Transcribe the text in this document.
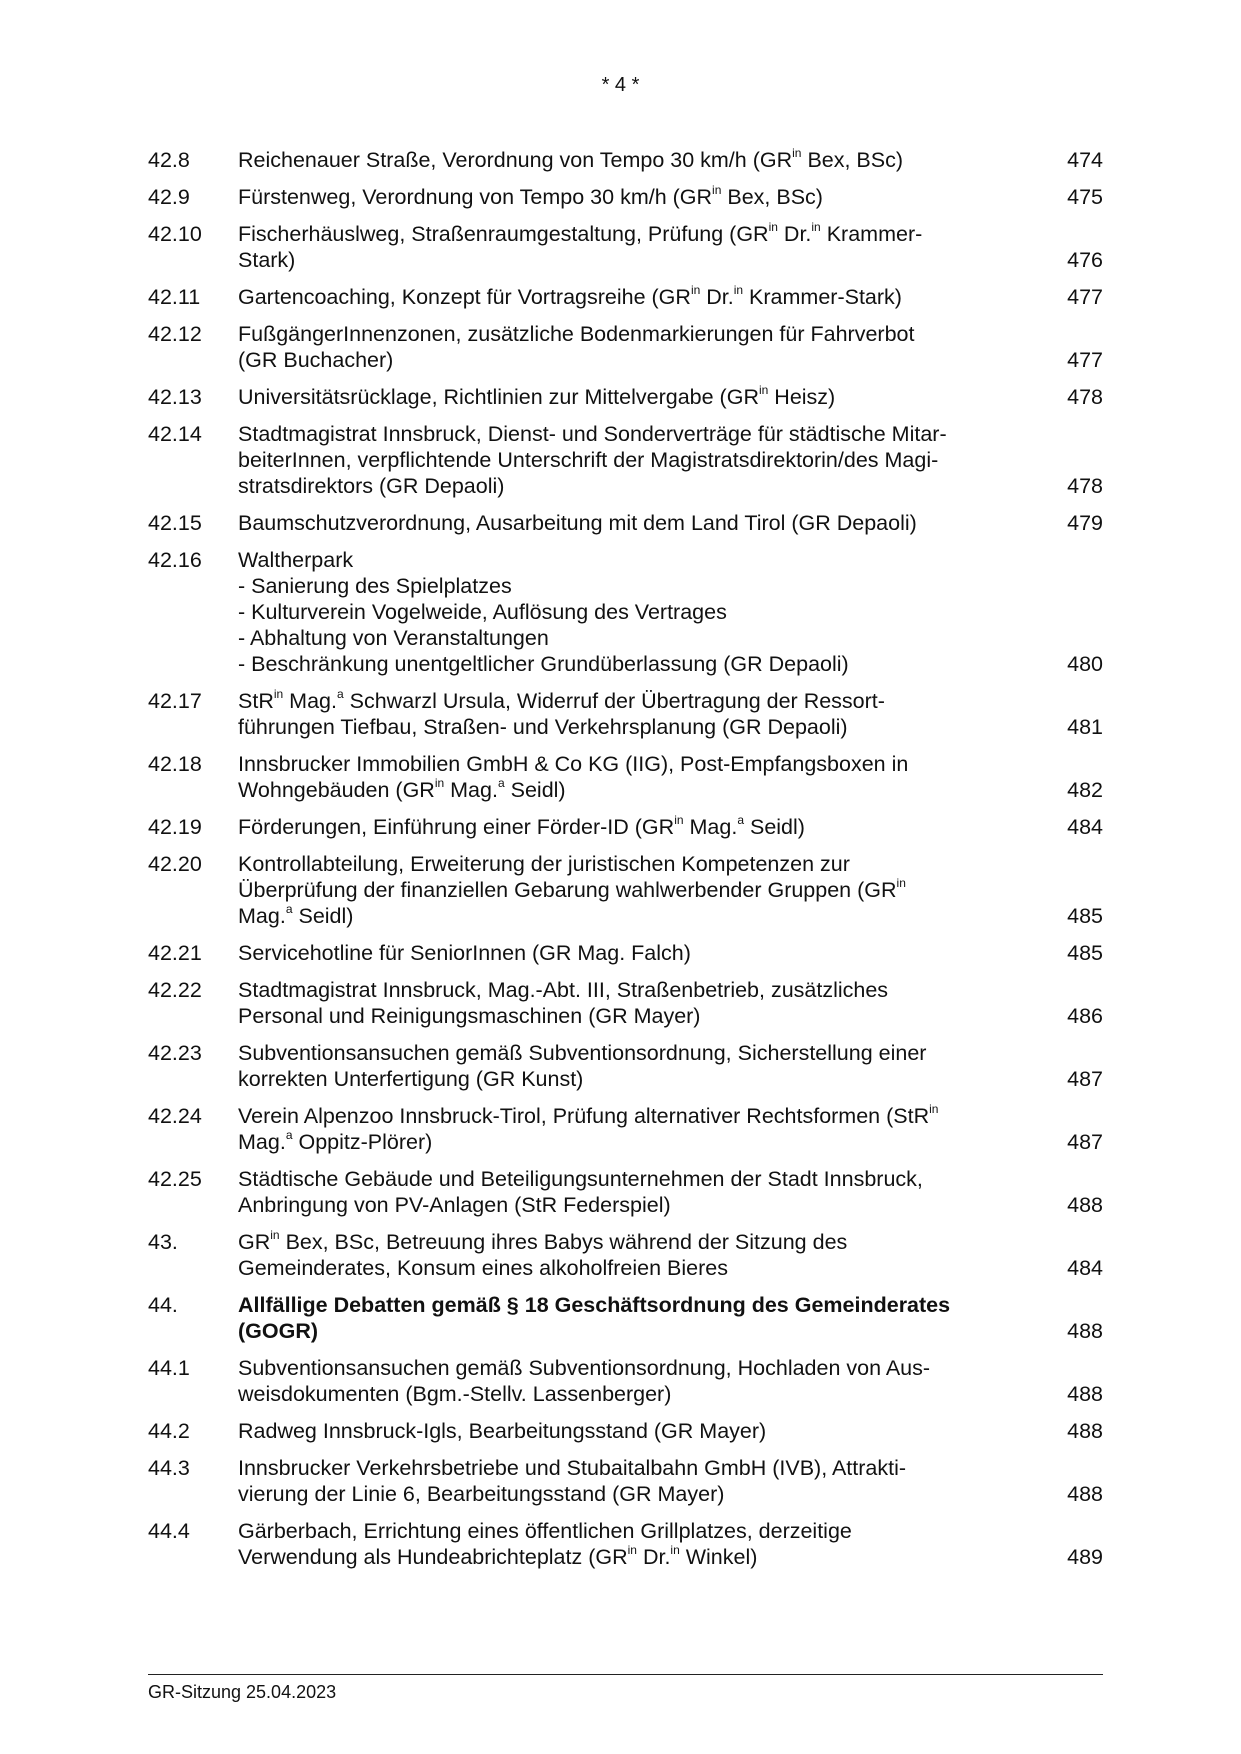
* 4 *
42.8	Reichenauer Straße, Verordnung von Tempo 30 km/h ($GR^{in}$ Bex, BSc)	474
42.9	Fürstenweg, Verordnung von Tempo 30 km/h ($GR^{in}$ Bex, BSc)	475
42.10	Fischerhäuslweg, Straßenraumgestaltung, Prüfung ($GR^{in}$ Dr.$^{in}$ Krammer-
Stark)	476
42.11	Gartencoaching, Konzept für Vortragsreihe ($GR^{in}$ Dr.$^{in}$ Krammer-Stark)	477
42.12	FußgängerInnenzonen, zusätzliche Bodenmarkierungen für Fahrverbot
(GR Buchacher)	477
42.13	Universitätsrücklage, Richtlinien zur Mittelvergabe ($GR^{in}$ Heisz)	478
42.14	Stadtmagistrat Innsbruck, Dienst- und Sonderverträge für städtische Mitar-
beiterInnen, verpflichtende Unterschrift der Magistratsdirektorin/des Magi-
stratsdirektors (GR Depaoli)	478
42.15	Baumschutzverordnung, Ausarbeitung mit dem Land Tirol (GR Depaoli)	479
42.16	Waltherpark
- Sanierung des Spielplatzes
- Kulturverein Vogelweide, Auflösung des Vertrages
- Abhaltung von Veranstaltungen
- Beschränkung unentgeltlicher Grundüberlassung (GR Depaoli)	480
42.17	StR$^{in}$ Mag.$^a$ Schwarzl Ursula, Widerruf der Übertragung der Ressort-
führungen Tiefbau, Straßen- und Verkehrsplanung (GR Depaoli)	481
42.18	Innsbrucker Immobilien GmbH & Co KG (IIG), Post-Empfangsboxen in
Wohngebäuden ($GR^{in}$ Mag.$^a$ Seidl)	482
42.19	Förderungen, Einführung einer Förder-ID ($GR^{in}$ Mag.$^a$ Seidl)	484
42.20	Kontrollabteilung, Erweiterung der juristischen Kompetenzen zur
Überprüfung der finanziellen Gebarung wahlwerbender Gruppen ($GR^{in}$
Mag.$^a$ Seidl)	485
42.21	Servicehotline für SeniorInnen (GR Mag. Falch)	485
42.22	Stadtmagistrat Innsbruck, Mag.-Abt. III, Straßenbetrieb, zusätzliches
Personal und Reinigungsmaschinen (GR Mayer)	486
42.23	Subventionsansuchen gemäß Subventionsordnung, Sicherstellung einer
korrekten Unterfertigung (GR Kunst)	487
42.24	Verein Alpenzoo Innsbruck-Tirol, Prüfung alternativer Rechtsformen (StR$^{in}$
Mag.$^a$ Oppitz-Plörer)	487
42.25	Städtische Gebäude und Beteiligungsunternehmen der Stadt Innsbruck,
Anbringung von PV-Anlagen (StR Federspiel)	488
43.	$GR^{in}$ Bex, BSc, Betreuung ihres Babys während der Sitzung des
Gemeinderates, Konsum eines alkoholfreien Bieres	484
44.	Allfällige Debatten gemäß § 18 Geschäftsordnung des Gemeinderates
(GOGR)	488
44.1	Subventionsansuchen gemäß Subventionsordnung, Hochladen von Aus-
weisdokumenten (Bgm.-Stellv. Lassenberger)	488
44.2	Radweg Innsbruck-Igls, Bearbeitungsstand (GR Mayer)	488
44.3	Innsbrucker Verkehrsbetriebe und Stubaitalbahn GmbH (IVB), Attrakti-
vierung der Linie 6, Bearbeitungsstand (GR Mayer)	488
44.4	Gärberbach, Errichtung eines öffentlichen Grillplatzes, derzeitige
Verwendung als Hundeabrichteplatz ($GR^{in}$ Dr.$^{in}$ Winkel)	489
GR-Sitzung 25.04.2023
